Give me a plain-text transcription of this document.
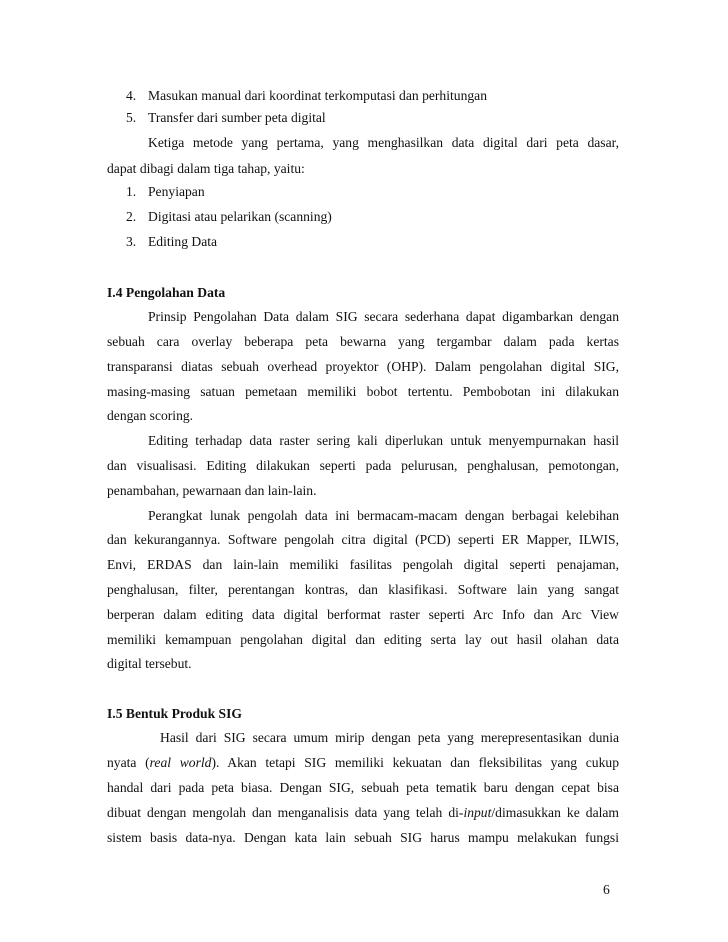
4. Masukan manual dari koordinat terkomputasi dan perhitungan
5. Transfer dari sumber peta digital
Ketiga metode yang pertama, yang menghasilkan data digital dari peta dasar,
dapat dibagi dalam tiga tahap, yaitu:
1. Penyiapan
2. Digitasi atau pelarikan (scanning)
3. Editing Data
I.4 Pengolahan Data
Prinsip Pengolahan Data dalam SIG secara sederhana dapat digambarkan dengan
sebuah cara overlay beberapa peta bewarna yang tergambar dalam pada kertas
transparansi diatas sebuah overhead proyektor (OHP). Dalam pengolahan digital SIG,
masing-masing satuan pemetaan memiliki bobot tertentu. Pembobotan ini dilakukan
dengan scoring.
Editing terhadap data raster sering kali diperlukan untuk menyempurnakan hasil
dan visualisasi. Editing dilakukan seperti pada pelurusan, penghalusan, pemotongan,
penambahan, pewarnaan dan lain-lain.
Perangkat lunak pengolah data ini bermacam-macam dengan berbagai kelebihan
dan kekurangannya. Software pengolah citra digital (PCD) seperti ER Mapper, ILWIS,
Envi, ERDAS dan lain-lain memiliki fasilitas pengolah digital seperti penajaman,
penghalusan, filter, perentangan kontras, dan klasifikasi. Software lain yang sangat
berperan dalam editing data digital berformat raster seperti Arc Info dan Arc View
memiliki kemampuan pengolahan digital dan editing serta lay out hasil olahan data
digital tersebut.
I.5 Bentuk Produk SIG
Hasil dari SIG secara umum mirip dengan peta yang merepresentasikan dunia
nyata (real world). Akan tetapi SIG memiliki kekuatan dan fleksibilitas yang cukup
handal dari pada peta biasa. Dengan SIG, sebuah peta tematik baru dengan cepat bisa
dibuat dengan mengolah dan menganalisis data yang telah di-input/dimasukkan ke dalam
sistem basis data-nya. Dengan kata lain sebuah SIG harus mampu melakukan fungsi
6
